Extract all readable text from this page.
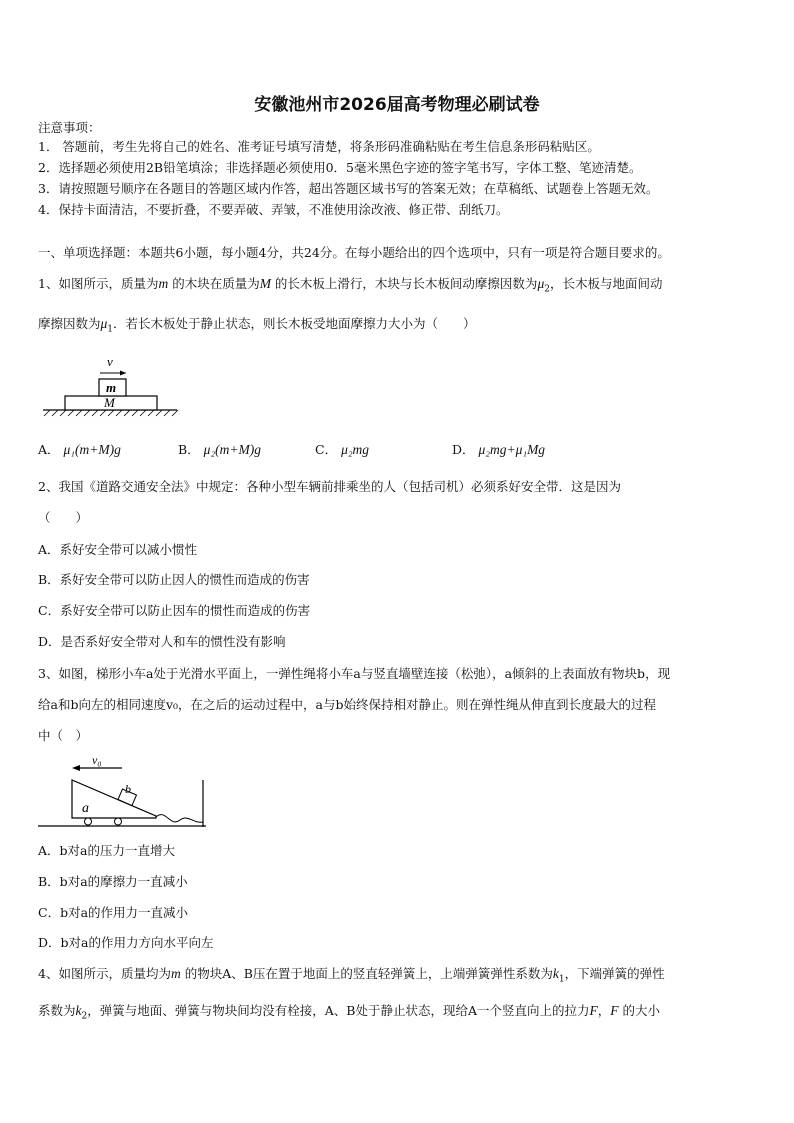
安徽池州市2026届高考物理必刷试卷
注意事项：
1． 答题前，考生先将自己的姓名、准考证号填写清楚，将条形码准确粘贴在考生信息条形码粘贴区。
2．选择题必须使用2B铅笔填涂；非选择题必须使用0．5毫米黑色字迹的签字笔书写，字体工整、笔迹清楚。
3．请按照题号顺序在各题目的答题区域内作答，超出答题区域书写的答案无效；在草稿纸、试题卷上答题无效。
4．保持卡面清洁，不要折叠，不要弄破、弄皱，不准使用涂改液、修正带、刮纸刀。
一、单项选择题：本题共6小题，每小题4分，共24分。在每小题给出的四个选项中，只有一项是符合题目要求的。
1、如图所示，质量为m 的木块在质量为M 的长木板上滑行，木块与长木板间动摩擦因数为$\mu_2$，长木板与地面间动
摩擦因数为$\mu_1$．若长木板处于静止状态，则长木板受地面摩擦力大小为（　　）
v
m
M
A． μ₁(m+M)g	B． μ₂(m+M)g	C． μ₂mg	D． μ₂mg+μ₁Mg
2、我国《道路交通安全法》中规定：各种小型车辆前排乘坐的人（包括司机）必须系好安全带．这是因为
（　　）
A．系好安全带可以减小惯性
B．系好安全带可以防止因人的惯性而造成的伤害
C．系好安全带可以防止因车的惯性而造成的伤害
D．是否系好安全带对人和车的惯性没有影响
3、如图，梯形小车a处于光滑水平面上，一弹性绳将小车a与竖直墙壁连接（松弛），a倾斜的上表面放有物块b，现
给a和b向左的相同速度v₀，在之后的运动过程中，a与b始终保持相对静止。则在弹性绳从伸直到长度最大的过程
中（　）
v₀
a
b
A．b对a的压力一直增大
B．b对a的摩擦力一直减小
C．b对a的作用力一直减小
D．b对a的作用力方向水平向左
4、如图所示，质量均为m 的物块A、B压在置于地面上的竖直轻弹簧上，上端弹簧弹性系数为$k_1$，下端弹簧的弹性
系数为$k_2$，弹簧与地面、弹簧与物块间均没有栓接，A、B处于静止状态，现给A一个竖直向上的拉力F，F 的大小
